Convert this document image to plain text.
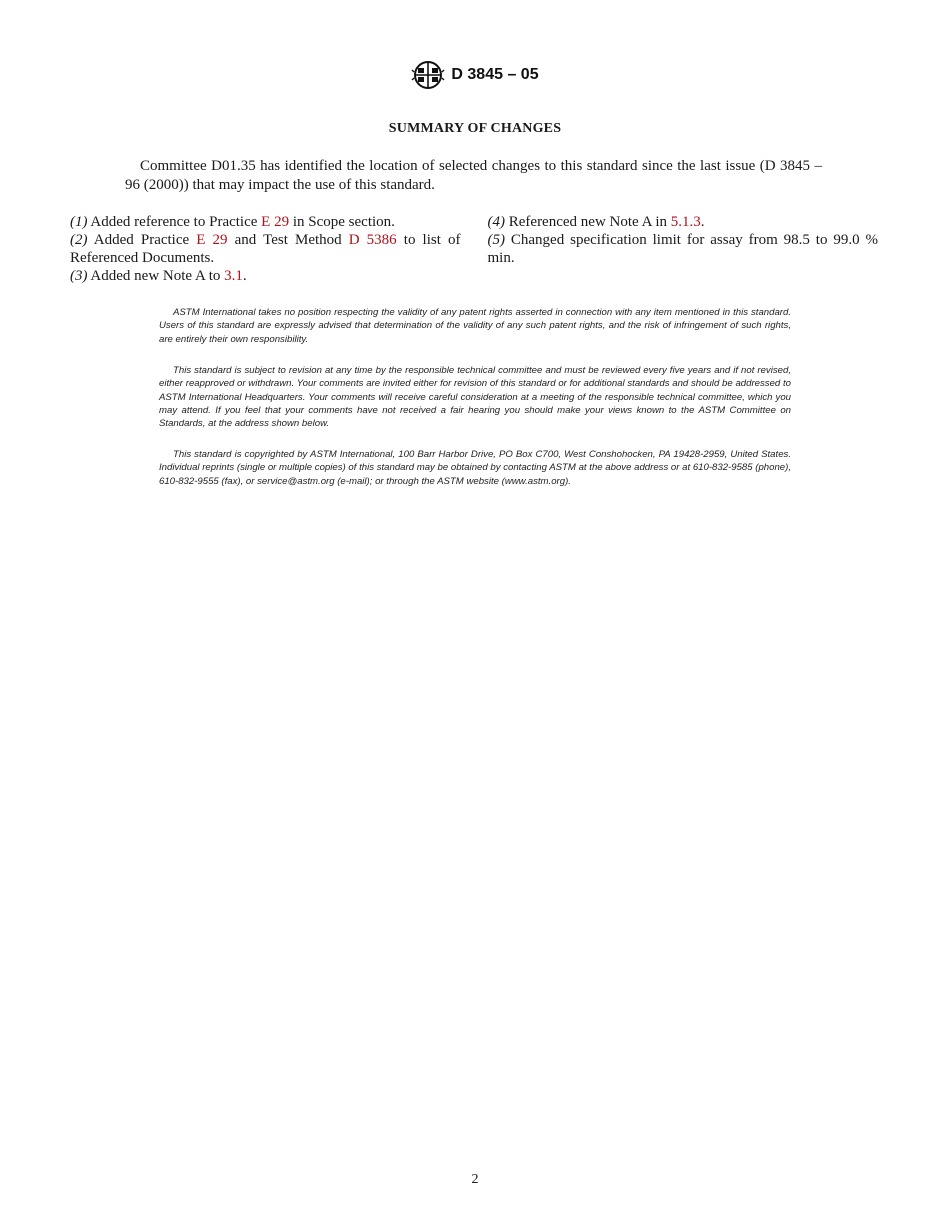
D 3845 – 05
SUMMARY OF CHANGES

Committee D01.35 has identified the location of selected changes to this standard since the last issue (D 3845 – 96 (2000)) that may impact the use of this standard.

(1) Added reference to Practice E 29 in Scope section.

(2) Added Practice E 29 and Test Method D 5386 to list of Referenced Documents.

(3) Added new Note A to 3.1.

(4) Referenced new Note A in 5.1.3.

(5) Changed specification limit for assay from 98.5 to 99.0 % min.

ASTM International takes no position respecting the validity of any patent rights asserted in connection with any item mentioned in this standard. Users of this standard are expressly advised that determination of the validity of any such patent rights, and the risk of infringement of such rights, are entirely their own responsibility.

This standard is subject to revision at any time by the responsible technical committee and must be reviewed every five years and if not revised, either reapproved or withdrawn. Your comments are invited either for revision of this standard or for additional standards and should be addressed to ASTM International Headquarters. Your comments will receive careful consideration at a meeting of the responsible technical committee, which you may attend. If you feel that your comments have not received a fair hearing you should make your views known to the ASTM Committee on Standards, at the address shown below.

This standard is copyrighted by ASTM International, 100 Barr Harbor Drive, PO Box C700, West Conshohocken, PA 19428-2959, United States. Individual reprints (single or multiple copies) of this standard may be obtained by contacting ASTM at the above address or at 610-832-9585 (phone), 610-832-9555 (fax), or service@astm.org (e-mail); or through the ASTM website (www.astm.org).

2
